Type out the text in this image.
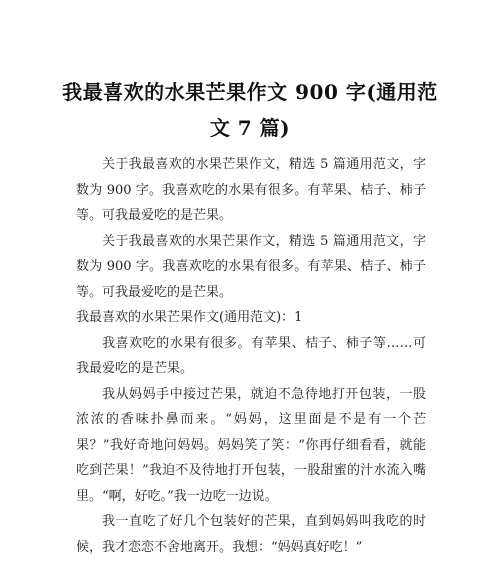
我最喜欢的水果芒果作文 900 字(通用范文 7 篇)

关于我最喜欢的水果芒果作文，精选 5 篇通用范文，字数为 900 字。我喜欢吃的水果有很多。有苹果、桔子、柿子等。可我最爱吃的是芒果。

关于我最喜欢的水果芒果作文，精选 5 篇通用范文，字数为 900 字。我喜欢吃的水果有很多。有苹果、桔子、柿子等。可我最爱吃的是芒果。

我最喜欢的水果芒果作文(通用范文)：1

我喜欢吃的水果有很多。有苹果、桔子、柿子等……可我最爱吃的是芒果。

我从妈妈手中接过芒果，就迫不急待地打开包装，一股浓浓的香味扑鼻而来。“妈妈，这里面是不是有一个芒果？”我好奇地问妈妈。妈妈笑了笑：“你再仔细看看，就能吃到芒果！”我迫不及待地打开包装，一股甜蜜的汁水流入嘴里。“啊，好吃。”我一边吃一边说。

我一直吃了好几个包装好的芒果，直到妈妈叫我吃的时候，我才恋恋不舍地离开。我想：“妈妈真好吃！”
